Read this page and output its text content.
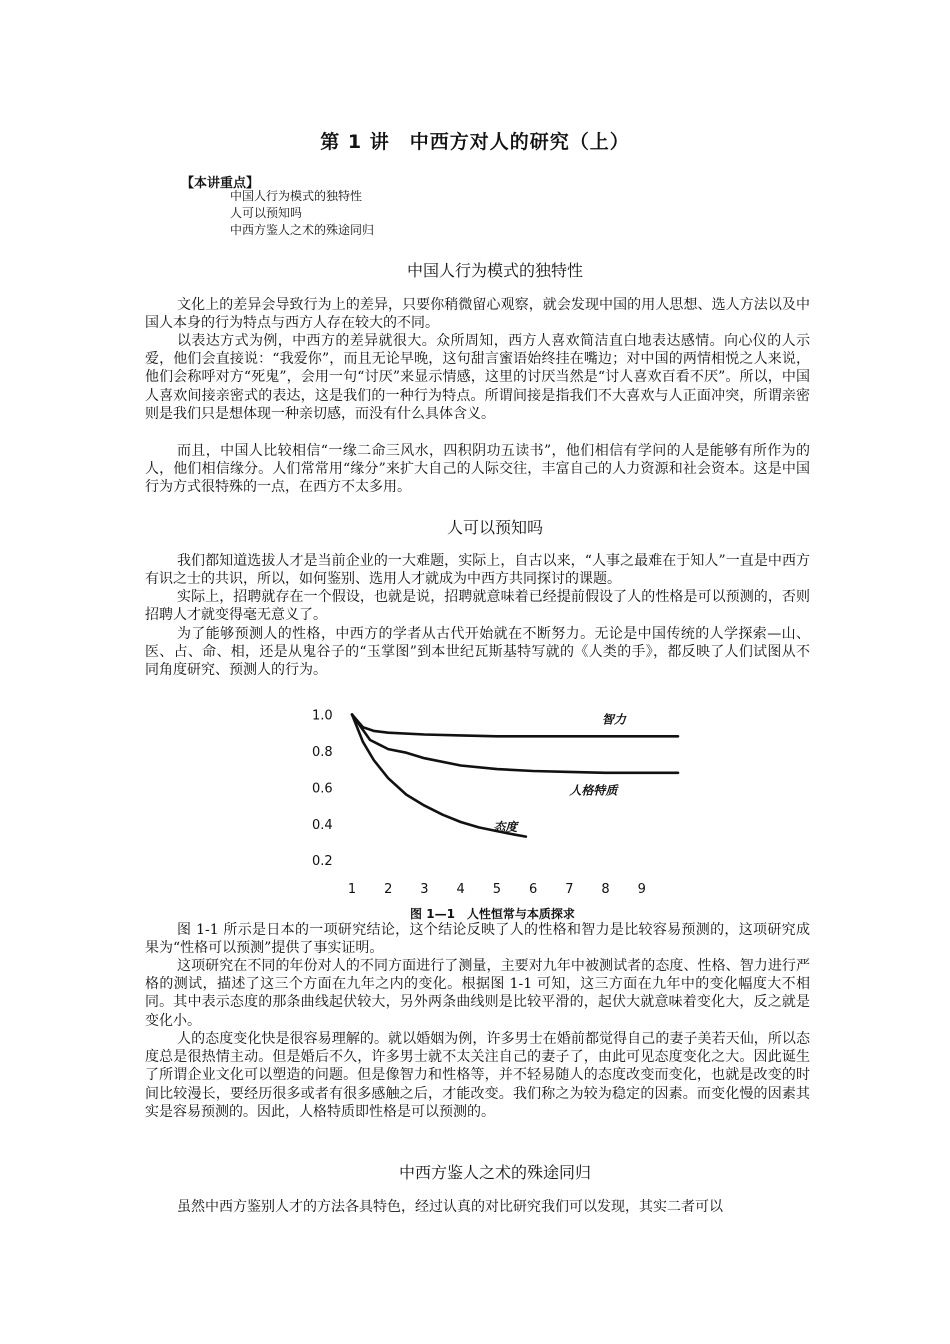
第 1 讲　中西方对人的研究（上）
【本讲重点】
中国人行为模式的独特性
人可以预知吗
中西方鉴人之术的殊途同归
中国人行为模式的独特性

文化上的差异会导致行为上的差异，只要你稍微留心观察，就会发现中国的用人思想、选人方法以及中国人本身的行为特点与西方人存在较大的不同。

以表达方式为例，中西方的差异就很大。众所周知，西方人喜欢简洁直白地表达感情。向心仪的人示爱，他们会直接说：“我爱你”，而且无论早晚，这句甜言蜜语始终挂在嘴边；对中国的两情相悦之人来说，他们会称呼对方“死鬼”，会用一句“讨厌”来显示情感，这里的讨厌当然是“讨人喜欢百看不厌”。所以，中国人喜欢间接亲密式的表达，这是我们的一种行为特点。所谓间接是指我们不大喜欢与人正面冲突，所谓亲密则是我们只是想体现一种亲切感，而没有什么具体含义。

而且，中国人比较相信“一缘二命三风水，四积阴功五读书”，他们相信有学问的人是能够有所作为的人，他们相信缘分。人们常常用“缘分”来扩大自己的人际交往，丰富自己的人力资源和社会资本。这是中国行为方式很特殊的一点，在西方不太多用。

人可以预知吗

我们都知道选拔人才是当前企业的一大难题，实际上，自古以来，“人事之最难在于知人”一直是中西方有识之士的共识，所以，如何鉴别、选用人才就成为中西方共同探讨的课题。

实际上，招聘就存在一个假设，也就是说，招聘就意味着已经提前假设了人的性格是可以预测的，否则招聘人才就变得毫无意义了。

为了能够预测人的性格，中西方的学者从古代开始就在不断努力。无论是中国传统的人学探索—山、医、占、命、相，还是从鬼谷子的“玉掌图”到本世纪瓦斯基特写就的《人类的手》，都反映了人们试图从不同角度研究、预测人的行为。

1.0
0.8
0.6
0.4
0.2
1 2 3 4 5 6 7 8 9
智力
人格特质
态度
图 1—1　人性恒常与本质探求

图 1-1 所示是日本的一项研究结论，这个结论反映了人的性格和智力是比较容易预测的，这项研究成果为“性格可以预测”提供了事实证明。

这项研究在不同的年份对人的不同方面进行了测量，主要对九年中被测试者的态度、性格、智力进行严格的测试，描述了这三个方面在九年之内的变化。根据图 1-1 可知，这三方面在九年中的变化幅度大不相同。其中表示态度的那条曲线起伏较大，另外两条曲线则是比较平滑的，起伏大就意味着变化大，反之就是变化小。

人的态度变化快是很容易理解的。就以婚姻为例，许多男士在婚前都觉得自己的妻子美若天仙，所以态度总是很热情主动。但是婚后不久，许多男士就不太关注自己的妻子了，由此可见态度变化之大。因此诞生了所谓企业文化可以塑造的问题。但是像智力和性格等，并不轻易随人的态度改变而变化，也就是改变的时间比较漫长，要经历很多或者有很多感触之后，才能改变。我们称之为较为稳定的因素。而变化慢的因素其实是容易预测的。因此，人格特质即性格是可以预测的。

中西方鉴人之术的殊途同归

虽然中西方鉴别人才的方法各具特色，经过认真的对比研究我们可以发现，其实二者可以
